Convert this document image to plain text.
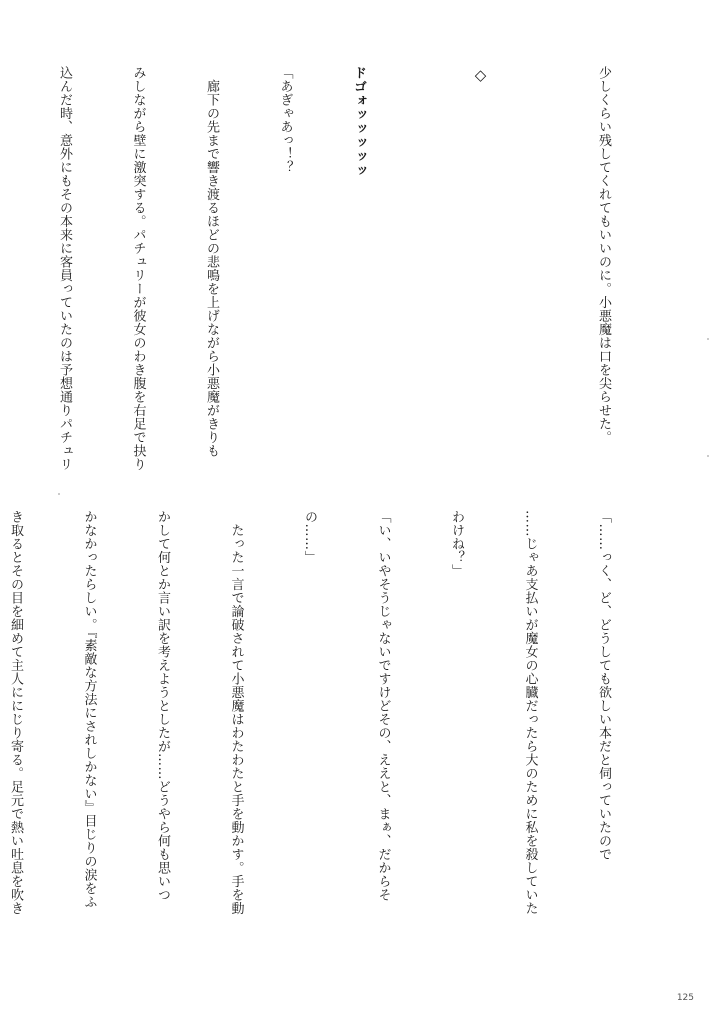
少しくらい残してくれてもいいのに。小悪魔は口を尖らせた。

◇

ドゴォッッッッッ

「あぎゃあっ！？

　廊下の先まで響き渡るほどの悲鳴を上げながら小悪魔がきりも

みしながら壁に激突する。パチュリーが彼女のわき腹を右足で抉り

込んだ時、意外にもその本来に客員っていたのは予想通りパチュリ

「……っく、ど、どうしても欲しい本だと伺っていたので

……じゃあ支払いが魔女の心臓だったら大のために私を殺していた

わけね？」

「い、いやそうじゃないですけどその、ええと、まぁ、だからそ

の……」

　たった一言で論破されて小悪魔はわたわたと手を動かす。手を動

かして何とか言い訳を考えようとしたが……どうやら何も思いつ

かなかったらしい。『素敵な方法にされしかない』目じりの涙をふ

き取るとその目を細めて主人ににじり寄る。足元で熱い吐息を吹き

125
